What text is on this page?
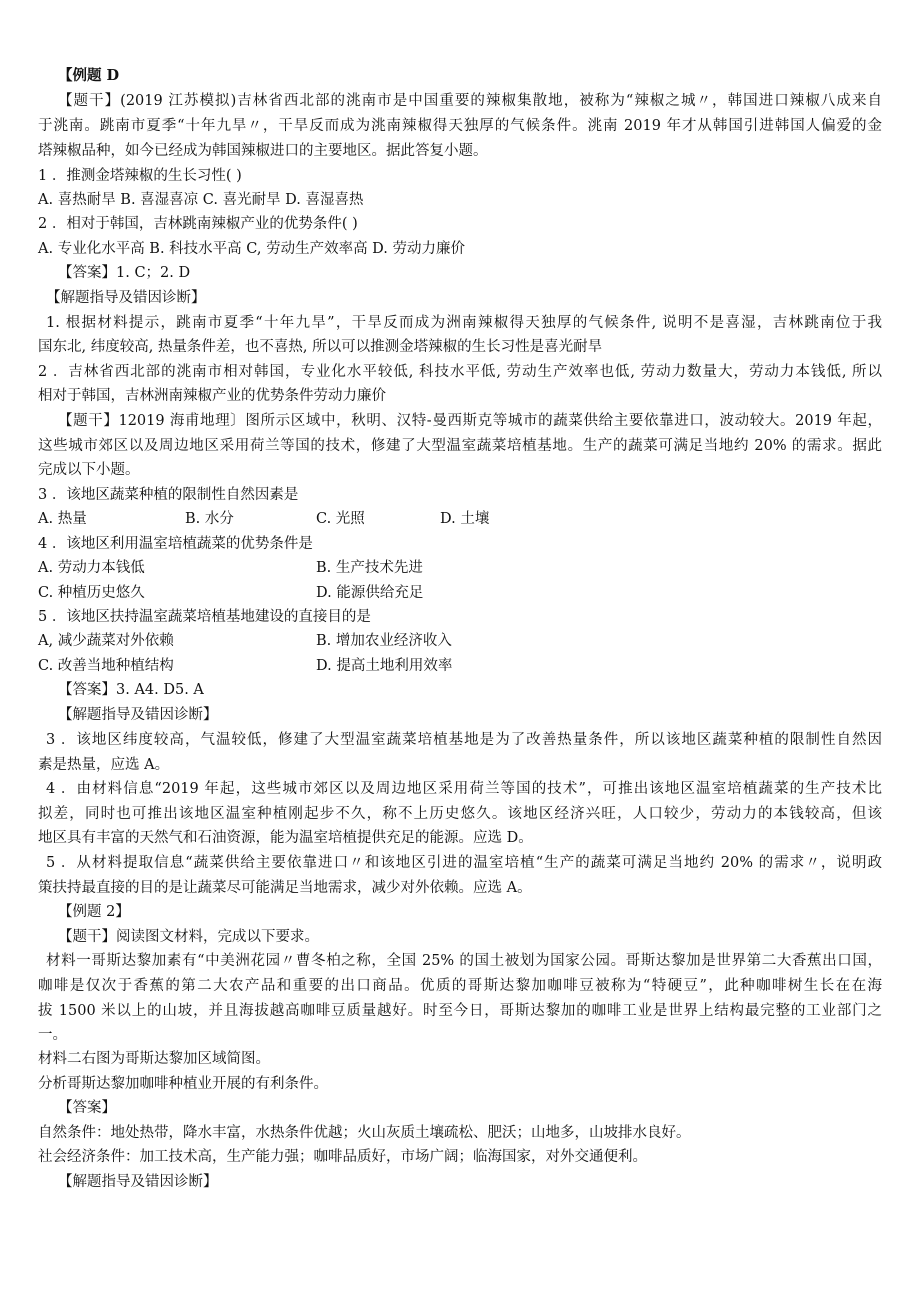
【例题 D
【题干】(2019 江苏模拟)吉林省西北部的洮南市是中国重要的辣椒集散地，被称为“辣椒之城〃，韩国进口辣椒八成来自
于洮南。跳南市夏季“十年九旱〃，干旱反而成为洮南辣椒得天独厚的气候条件。洮南 2019 年才从韩国引进韩国人偏爱的金
塔辣椒品种，如今已经成为韩国辣椒进口的主要地区。据此答复小题。
1 ．推测金塔辣椒的生长习性( )
A. 喜热耐旱 B. 喜湿喜凉 C. 喜光耐旱 D. 喜湿喜热
2 ．相对于韩国，吉林跳南辣椒产业的优势条件( )
A. 专业化水平高 B. 科技水平高 C, 劳动生产效率高 D. 劳动力廉价
【答案】1. C；2. D
【解题指导及错因诊断】
1. 根据材料提示，跳南市夏季“十年九旱”，干旱反而成为洲南辣椒得天独厚的气候条件, 说明不是喜湿，吉林跳南位于我
国东北, 纬度较高, 热量条件差，也不喜热, 所以可以推测金塔辣椒的生长习性是喜光耐旱
2 ．吉林省西北部的洮南市相对韩国，专业化水平较低, 科技水平低, 劳动生产效率也低, 劳动力数量大，劳动力本钱低, 所以
相对于韩国，吉林洲南辣椒产业的优势条件劳动力廉价
【题干】12019 海甫地理〕图所示区域中，秋明、汉特-曼西斯克等城市的蔬菜供给主要依靠进口，波动较大。2019 年起，
这些城市郊区以及周边地区采用荷兰等国的技术，修建了大型温室蔬菜培植基地。生产的蔬菜可满足当地约 20% 的需求。据此
完成以下小题。
3 ．该地区蔬菜种植的限制性自然因素是
4 ．该地区利用温室培植蔬菜的优势条件是
5 ．该地区扶持温室蔬菜培植基地建设的直接目的是
【答案】3. A4. D5. A
【解题指导及错因诊断】
3 ．该地区纬度较高，气温较低，修建了大型温室蔬菜培植基地是为了改善热量条件，所以该地区蔬菜种植的限制性自然因
素是热量，应选 A。
4 ．由材料信息“2019 年起，这些城市郊区以及周边地区采用荷兰等国的技术”，可推出该地区温室培植蔬菜的生产技术比
拟差，同时也可推出该地区温室种植刚起步不久，称不上历史悠久。该地区经济兴旺，人口较少，劳动力的本钱较高，但该
地区具有丰富的天然气和石油资源，能为温室培植提供充足的能源。应选 D。
5 ．从材料提取信息“蔬菜供给主要依靠进口〃和该地区引进的温室培植“生产的蔬菜可满足当地约 20% 的需求〃，说明政
策扶持最直接的目的是让蔬菜尽可能满足当地需求，减少对外依赖。应选 A。
【例题 2】
【题干】阅读图文材料，完成以下要求。
材料一哥斯达黎加素有“中美洲花园〃曹冬柏之称，全国 25% 的国土被划为国家公园。哥斯达黎加是世界第二大香蕉出口国，
咖啡是仅次于香蕉的第二大农产品和重要的出口商品。优质的哥斯达黎加咖啡豆被称为“特硬豆”，此种咖啡树生长在在海
拔 1500 米以上的山坡，并且海拔越高咖啡豆质量越好。时至今日，哥斯达黎加的咖啡工业是世界上结构最完整的工业部门之
一。
材料二右图为哥斯达黎加区域简图。
分析哥斯达黎加咖啡种植业开展的有利条件。
【答案】
自然条件：地处热带，降水丰富，水热条件优越；火山灰质土壤疏松、肥沃；山地多，山坡排水良好。
社会经济条件：加工技术高，生产能力强；咖啡品质好，市场广阔；临海国家，对外交通便利。
【解题指导及错因诊断】
A. 热量	B. 水分	C. 光照	D. 土壤
A. 劳动力本钱低	B. 生产技术先进
C. 种植历史悠久	D. 能源供给充足
A, 减少蔬菜对外依赖	B. 增加农业经济收入
C. 改善当地种植结构	D. 提高土地利用效率
